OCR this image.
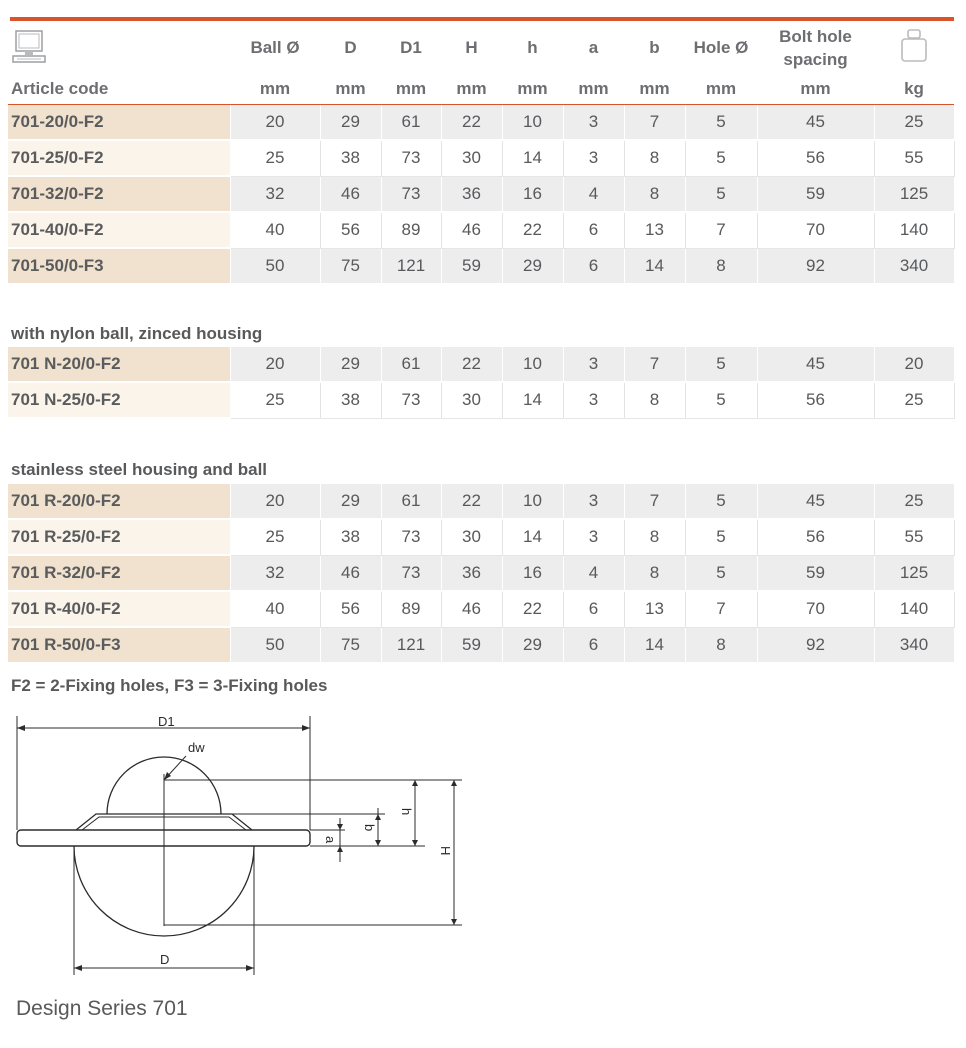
	Ball Ø	D	D1	H	h	a	b	Hole Ø	Bolt hole spacing	
Article code	mm	mm	mm	mm	mm	mm	mm	mm	mm	kg
701-20/0-F2	20	29	61	22	10	3	7	5	45	25
701-25/0-F2	25	38	73	30	14	3	8	5	56	55
701-32/0-F2	32	46	73	36	16	4	8	5	59	125
701-40/0-F2	40	56	89	46	22	6	13	7	70	140
701-50/0-F3	50	75	121	59	29	6	14	8	92	340
with nylon ball, zinced housing
701 N-20/0-F2	20	29	61	22	10	3	7	5	45	20
701 N-25/0-F2	25	38	73	30	14	3	8	5	56	25
stainless steel housing and ball
701 R-20/0-F2	20	29	61	22	10	3	7	5	45	25
701 R-25/0-F2	25	38	73	30	14	3	8	5	56	55
701 R-32/0-F2	32	46	73	36	16	4	8	5	59	125
701 R-40/0-F2	40	56	89	46	22	6	13	7	70	140
701 R-50/0-F3	50	75	121	59	29	6	14	8	92	340
F2 = 2-Fixing holes, F3 = 3-Fixing holes
D1
dw
D
a
b
h
H
Design Series 701
